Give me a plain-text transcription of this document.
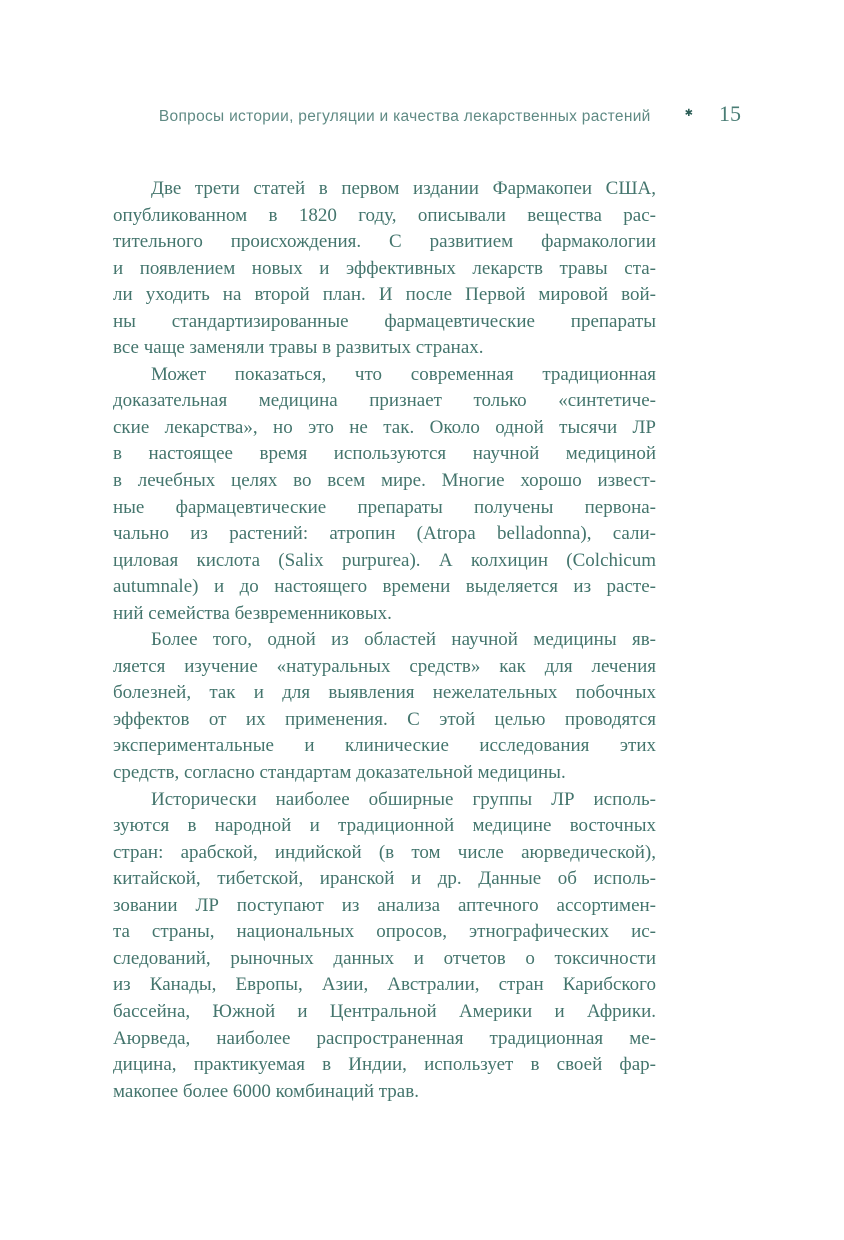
Вопросы истории, регуляции и качества лекарственных растений	✱ 15
Две трети статей в первом издании Фармакопеи США,
опубликованном в 1820 году, описывали вещества рас-
тительного происхождения. С развитием фармакологии
и появлением новых и эффективных лекарств травы ста-
ли уходить на второй план. И после Первой мировой вой-
ны стандартизированные фармацевтические препараты
все чаще заменяли травы в развитых странах.
Может показаться, что современная традиционная
доказательная медицина признает только «синтетиче-
ские лекарства», но это не так. Около одной тысячи ЛР
в настоящее время используются научной медициной
в лечебных целях во всем мире. Многие хорошо извест-
ные фармацевтические препараты получены первона-
чально из растений: атропин (Atropa belladonna), сали-
циловая кислота (Salix purpurea). А колхицин (Colchicum
autumnale) и до настоящего времени выделяется из расте-
ний семейства безвременниковых.
Более того, одной из областей научной медицины яв-
ляется изучение «натуральных средств» как для лечения
болезней, так и для выявления нежелательных побочных
эффектов от их применения. С этой целью проводятся
экспериментальные и клинические исследования этих
средств, согласно стандартам доказательной медицины.
Исторически наиболее обширные группы ЛР исполь-
зуются в народной и традиционной медицине восточных
стран: арабской, индийской (в том числе аюрведической),
китайской, тибетской, иранской и др. Данные об исполь-
зовании ЛР поступают из анализа аптечного ассортимен-
та страны, национальных опросов, этнографических ис-
следований, рыночных данных и отчетов о токсичности
из Канады, Европы, Азии, Австралии, стран Карибского
бассейна, Южной и Центральной Америки и Африки.
Аюрведа, наиболее распространенная традиционная ме-
дицина, практикуемая в Индии, использует в своей фар-
макопее более 6000 комбинаций трав.
